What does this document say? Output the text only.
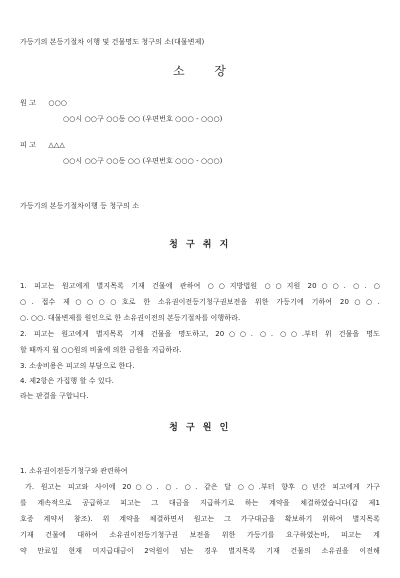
가등기의 본등기절차 이행 및 건물명도 청구의 소(대물변제)
소 장
원 고 ○○○
○○시 ○○구 ○○동 ○○ (우편번호 ○○○ - ○○○)
피 고 △△△
○○시 ○○구 ○○동 ○○ (우편번호 ○○○ - ○○○)
가등기의 본등기절차이행 등 청구의 소
청 구 취 지
1. 피고는 원고에게 별지목록 기재 건물에 관하여 ○○지방법원 ○○지원 20○○. ○. ○
○. 접수 제○○○○호로 한 소유권이전등기청구권보전을 위한 가등기에 기하여 20○○.
○. ○○. 대물변제를 원인으로 한 소유권이전의 본등기절차를 이행하라.
2. 피고는 원고에게 별지목록 기재 건물을 명도하고, 20○○. ○. ○○.부터 위 건물을 명도
할 때까지 월 ○○원의 비율에 의한 금원을 지급하라.
3. 소송비용은 피고의 부담으로 한다.
4. 제2항은 가집행 할 수 있다.
라는 판결을 구합니다.
청 구 원 인
1. 소유권이전등기청구와 관련하여
가. 원고는 피고와 사이에 20○○. ○. ○. 같은 달 ○○.부터 향후 ○년간 피고에게 가구
를 계속적으로 공급하고 피고는 그 대금을 지급하기로 하는 계약을 체결하였습니다(갑 제1
호증 계약서 참조). 위 계약을 체결하면서 원고는 그 가구대금을 확보하기 위하여 별지목록
기재 건물에 대하여 소유권이전등기청구권 보전을 위한 가등기를 요구하였는바, 피고는 계
약 만료일 현재 미지급대금이 2억원이 넘는 경우 별지목록 기재 건물의 소유권을 이전해
